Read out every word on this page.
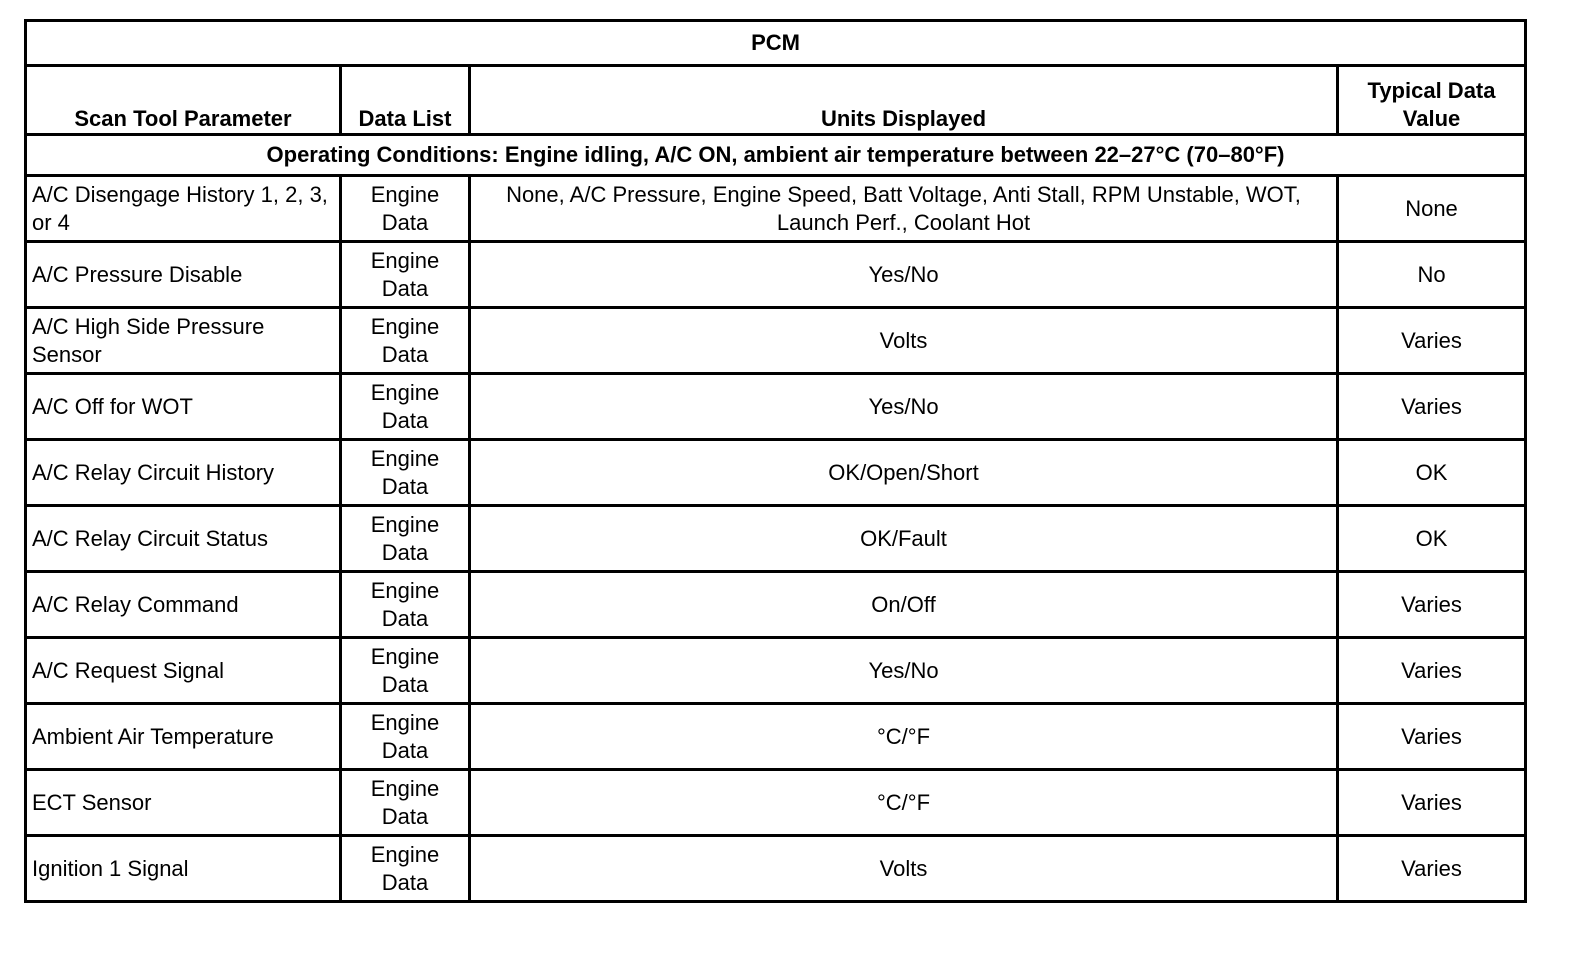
PCM			
Scan Tool Parameter	Data List	Units Displayed	Typical Data Value
Operating Conditions: Engine idling, A/C ON, ambient air temperature between 22–27°C (70–80°F)			
A/C Disengage History 1, 2, 3, or 4	Engine Data	None, A/C Pressure, Engine Speed, Batt Voltage, Anti Stall, RPM Unstable, WOT, Launch Perf., Coolant Hot	None
A/C Pressure Disable	Engine Data	Yes/No	No
A/C High Side Pressure Sensor	Engine Data	Volts	Varies
A/C Off for WOT	Engine Data	Yes/No	Varies
A/C Relay Circuit History	Engine Data	OK/Open/Short	OK
A/C Relay Circuit Status	Engine Data	OK/Fault	OK
A/C Relay Command	Engine Data	On/Off	Varies
A/C Request Signal	Engine Data	Yes/No	Varies
Ambient Air Temperature	Engine Data	°C/°F	Varies
ECT Sensor	Engine Data	°C/°F	Varies
Ignition 1 Signal	Engine Data	Volts	Varies
